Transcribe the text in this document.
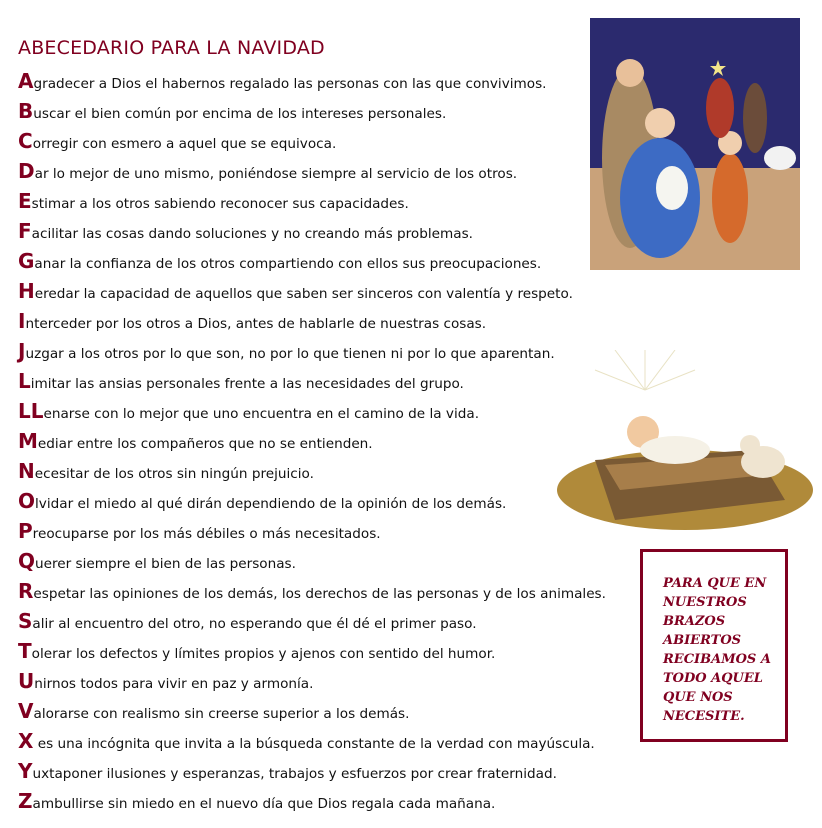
ABECEDARIO PARA LA NAVIDAD
Agradecer a Dios el habernos regalado las personas con las que convivimos.
Buscar el bien común por encima de los intereses personales.
Corregir con esmero a aquel que se equivoca.
Dar lo mejor de uno mismo, poniéndose siempre al servicio de los otros.
Estimar a los otros sabiendo reconocer sus capacidades.
Facilitar las cosas dando soluciones y no creando más problemas.
Ganar la confianza de los otros compartiendo con ellos sus preocupaciones.
Heredar la capacidad de aquellos que saben ser sinceros con valentía y respeto.
Interceder por los otros a Dios, antes de hablarle de nuestras cosas.
Juzgar a los otros por lo que son, no por lo que tienen ni por lo que aparentan.
Limitar las ansias personales frente a las necesidades del grupo.
LLenarse con lo mejor que uno encuentra en el camino de la vida.
Mediar entre los compañeros que no se entienden.
Necesitar de los otros sin ningún prejuicio.
Olvidar el miedo al qué dirán dependiendo de la opinión de los demás.
Preocuparse por los más débiles o más necesitados.
Querer siempre el bien de las personas.
Respetar las opiniones de los demás, los derechos de las personas y de los animales.
Salir al encuentro del otro, no esperando que él dé el primer paso.
Tolerar los defectos y límites propios y ajenos con sentido del humor.
Unirnos todos para vivir en paz y armonía.
Valorarse con realismo sin creerse superior a los demás.
X es una incógnita que invita a la búsqueda constante de la verdad con mayúscula.
Yuxtaponer ilusiones y esperanzas, trabajos y esfuerzos por crear fraternidad.
Zambullirse sin miedo en el nuevo día que Dios regala cada mañana.

PARA QUE EN NUESTROS BRAZOS ABIERTOS RECIBAMOS A TODO AQUEL QUE NOS NECESITE.
